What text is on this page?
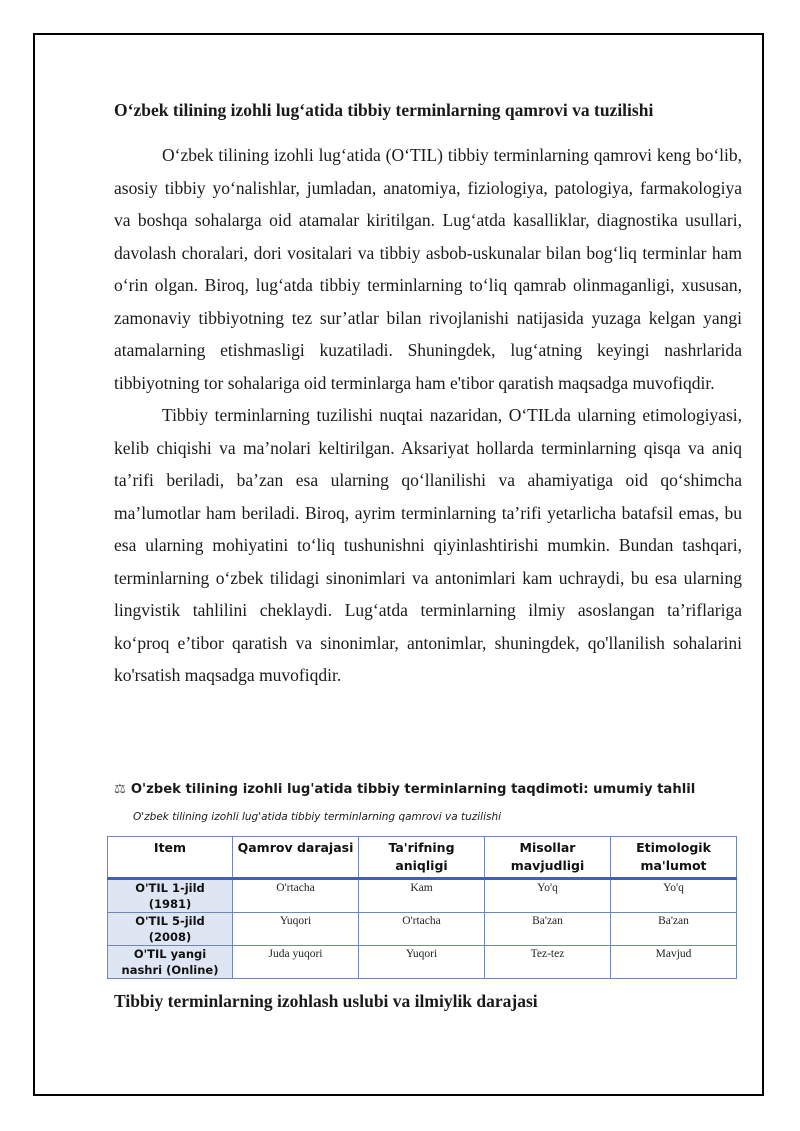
O‘zbek tilining izohli lug‘atida tibbiy terminlarning qamrovi va tuzilishi

O‘zbek tilining izohli lug‘atida (O‘TIL) tibbiy terminlarning qamrovi keng bo‘lib, asosiy tibbiy yo‘nalishlar, jumladan, anatomiya, fiziologiya, patologiya, farmakologiya va boshqa sohalarga oid atamalar kiritilgan. Lug‘atda kasalliklar, diagnostika usullari, davolash choralari, dori vositalari va tibbiy asbob-uskunalar bilan bog‘liq terminlar ham o‘rin olgan. Biroq, lug‘atda tibbiy terminlarning to‘liq qamrab olinmaganligi, xususan, zamonaviy tibbiyotning tez sur’atlar bilan rivojlanishi natijasida yuzaga kelgan yangi atamalarning etishmasligi kuzatiladi. Shuningdek, lug‘atning keyingi nashrlarida tibbiyotning tor sohalariga oid terminlarga ham e'tibor qaratish maqsadga muvofiqdir.

Tibbiy terminlarning tuzilishi nuqtai nazaridan, O‘TILda ularning etimologiyasi, kelib chiqishi va ma’nolari keltirilgan. Aksariyat hollarda terminlarning qisqa va aniq ta’rifi beriladi, ba’zan esa ularning qo‘llanilishi va ahamiyatiga oid qo‘shimcha ma’lumotlar ham beriladi. Biroq, ayrim terminlarning ta’rifi yetarlicha batafsil emas, bu esa ularning mohiyatini to‘liq tushunishni qiyinlashtirishi mumkin. Bundan tashqari, terminlarning o‘zbek tilidagi sinonimlari va antonimlari kam uchraydi, bu esa ularning lingvistik tahlilini cheklaydi. Lug‘atda terminlarning ilmiy asoslangan ta’riflariga ko‘proq e’tibor qaratish va sinonimlar, antonimlar, shuningdek, qo'llanilish sohalarini ko'rsatish maqsadga muvofiqdir.

⚖ O'zbek tilining izohli lug'atida tibbiy terminlarning taqdimoti: umumiy tahlil
O'zbek tilining izohli lug'atida tibbiy terminlarning qamrovi va tuzilishi
Item	Qamrov darajasi	Ta'rifning aniqligi	Misollar mavjudligi	Etimologik ma'lumot
O'TIL 1-jild (1981)	O'rtacha	Kam	Yo'q	Yo'q
O'TIL 5-jild (2008)	Yuqori	O'rtacha	Ba'zan	Ba'zan
O'TIL yangi nashri (Online)	Juda yuqori	Yuqori	Tez-tez	Mavjud
Tibbiy terminlarning izohlash uslubi va ilmiylik darajasi
